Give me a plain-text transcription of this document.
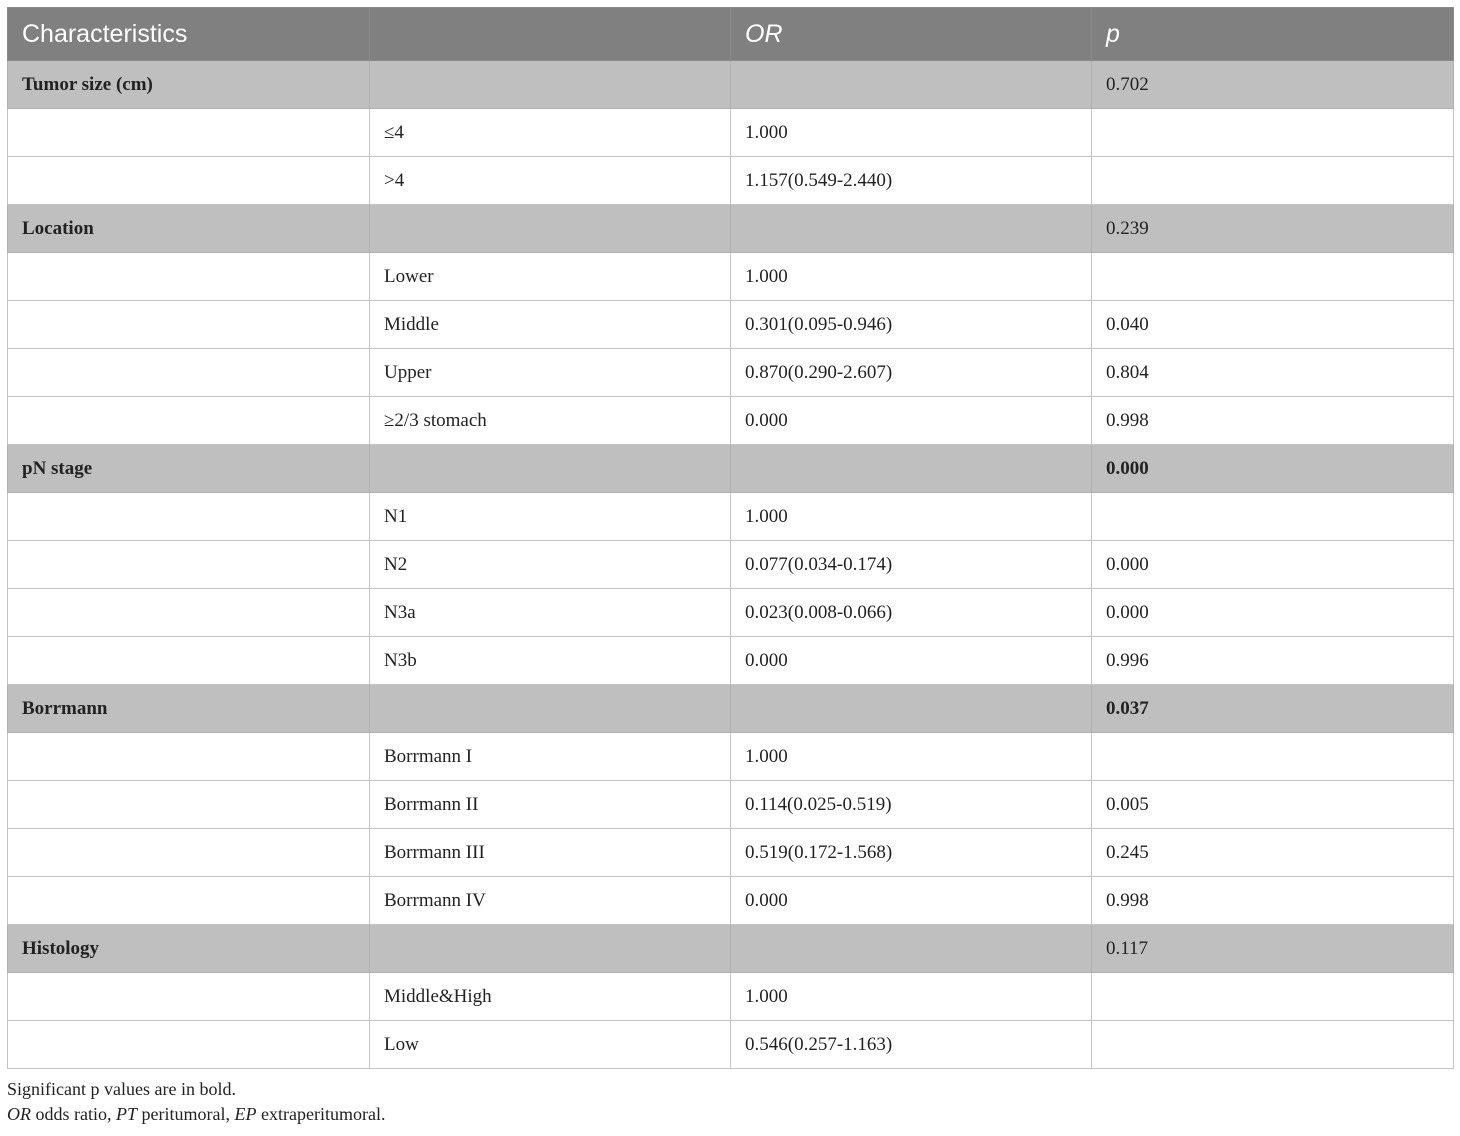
Characteristics		OR	p
Tumor size (cm)			0.702
	≤4	1.000	
	>4	1.157(0.549-2.440)	
Location			0.239
	Lower	1.000	
	Middle	0.301(0.095-0.946)	0.040
	Upper	0.870(0.290-2.607)	0.804
	≥2/3 stomach	0.000	0.998
pN stage			0.000
	N1	1.000	
	N2	0.077(0.034-0.174)	0.000
	N3a	0.023(0.008-0.066)	0.000
	N3b	0.000	0.996
Borrmann			0.037
	Borrmann I	1.000	
	Borrmann II	0.114(0.025-0.519)	0.005
	Borrmann III	0.519(0.172-1.568)	0.245
	Borrmann IV	0.000	0.998
Histology			0.117
	Middle&High	1.000	
	Low	0.546(0.257-1.163)	
Significant p values are in bold.
OR odds ratio, PT peritumoral, EP extraperitumoral.
